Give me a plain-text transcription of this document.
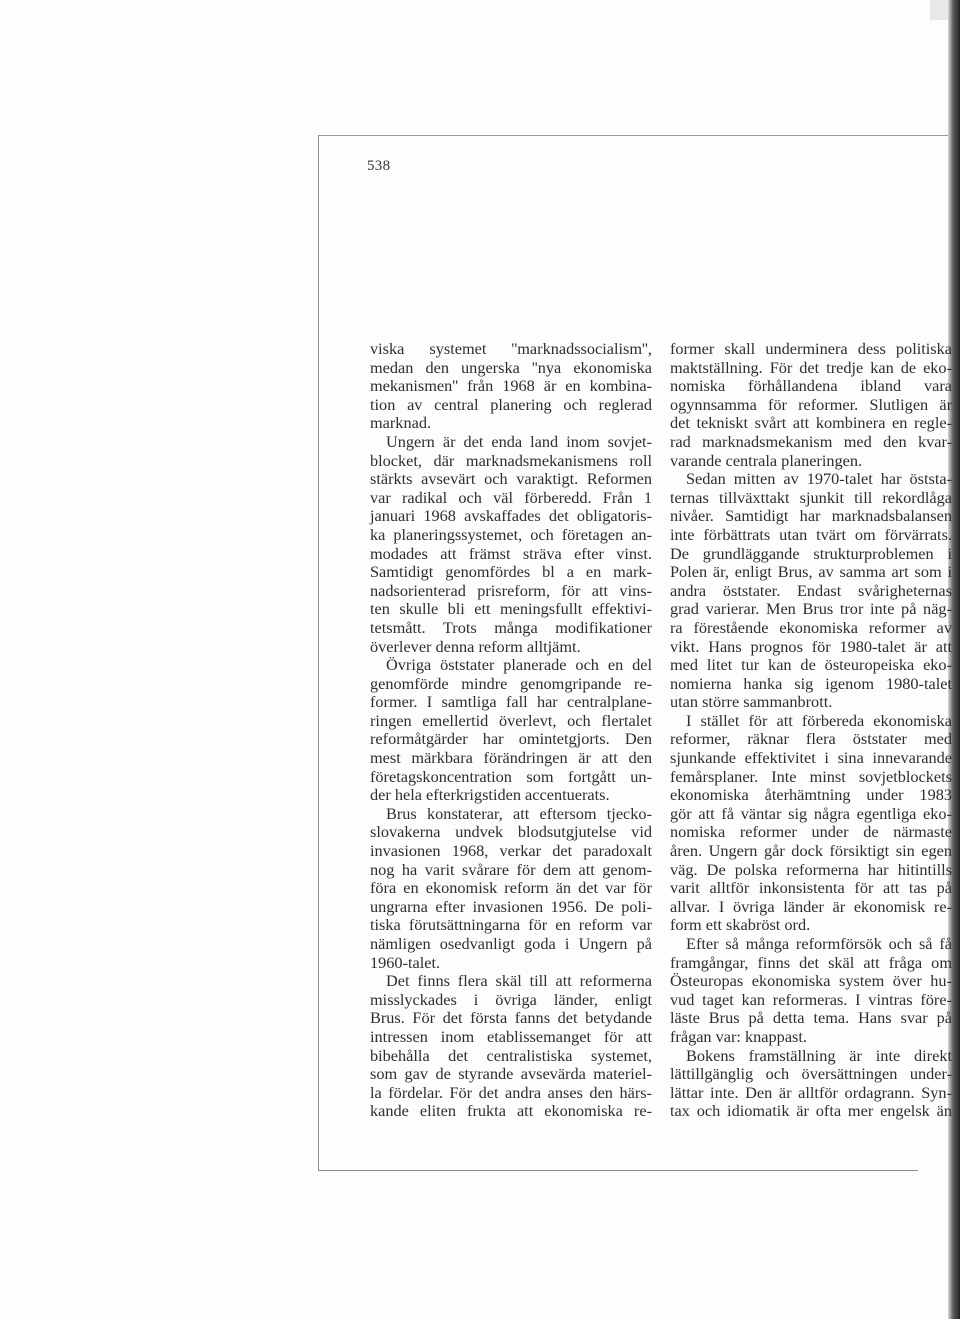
538
viska systemet ''marknadssocialism'',
medan den ungerska ''nya ekonomiska
mekanismen'' från 1968 är en kombina-
tion av central planering och reglerad
marknad.
Ungern är det enda land inom sovjet-
blocket, där marknadsmekanismens roll
stärkts avsevärt och varaktigt. Reformen
var radikal och väl förberedd. Från 1
januari 1968 avskaffades det obligatoris-
ka planeringssystemet, och företagen an-
modades att främst sträva efter vinst.
Samtidigt genomfördes bl a en mark-
nadsorienterad prisreform, för att vins-
ten skulle bli ett meningsfullt effektivi-
tetsmått. Trots många modifikationer
överlever denna reform alltjämt.
Övriga öststater planerade och en del
genomförde mindre genomgripande re-
former. I samtliga fall har centralplane-
ringen emellertid överlevt, och flertalet
reformåtgärder har omintetgjorts. Den
mest märkbara förändringen är att den
företagskoncentration som fortgått un-
der hela efterkrigstiden accentuerats.
Brus konstaterar, att eftersom tjecko-
slovakerna undvek blodsutgjutelse vid
invasionen 1968, verkar det paradoxalt
nog ha varit svårare för dem att genom-
föra en ekonomisk reform än det var för
ungrarna efter invasionen 1956. De poli-
tiska förutsättningarna för en reform var
nämligen osedvanligt goda i Ungern på
1960-talet.
Det finns flera skäl till att reformerna
misslyckades i övriga länder, enligt
Brus. För det första fanns det betydande
intressen inom etablissemanget för att
bibehålla det centralistiska systemet,
som gav de styrande avsevärda materiel-
la fördelar. För det andra anses den härs-
kande eliten frukta att ekonomiska re-
former skall underminera dess politiska
maktställning. För det tredje kan de eko-
nomiska förhållandena ibland vara
ogynnsamma för reformer. Slutligen är
det tekniskt svårt att kombinera en regle-
rad marknadsmekanism med den kvar-
varande centrala planeringen.
Sedan mitten av 1970-talet har öststa-
ternas tillväxttakt sjunkit till rekordlåga
nivåer. Samtidigt har marknadsbalansen
inte förbättrats utan tvärt om förvärrats.
De grundläggande strukturproblemen i
Polen är, enligt Brus, av samma art som i
andra öststater. Endast svårigheternas
grad varierar. Men Brus tror inte på näg-
ra förestående ekonomiska reformer av
vikt. Hans prognos för 1980-talet är att
med litet tur kan de östeuropeiska eko-
nomierna hanka sig igenom 1980-talet
utan större sammanbrott.
I stället för att förbereda ekonomiska
reformer, räknar flera öststater med
sjunkande effektivitet i sina innevarande
femårsplaner. Inte minst sovjetblockets
ekonomiska återhämtning under 1983
gör att få väntar sig några egentliga eko-
nomiska reformer under de närmaste
åren. Ungern går dock försiktigt sin egen
väg. De polska reformerna har hitintills
varit alltför inkonsistenta för att tas på
allvar. I övriga länder är ekonomisk re-
form ett skabröst ord.
Efter så många reformförsök och så få
framgångar, finns det skäl att fråga om
Östeuropas ekonomiska system över hu-
vud taget kan reformeras. I vintras före-
läste Brus på detta tema. Hans svar på
frågan var: knappast.
Bokens framställning är inte direkt
lättillgänglig och översättningen under-
lättar inte. Den är alltför ordagrann. Syn-
tax och idiomatik är ofta mer engelsk än
